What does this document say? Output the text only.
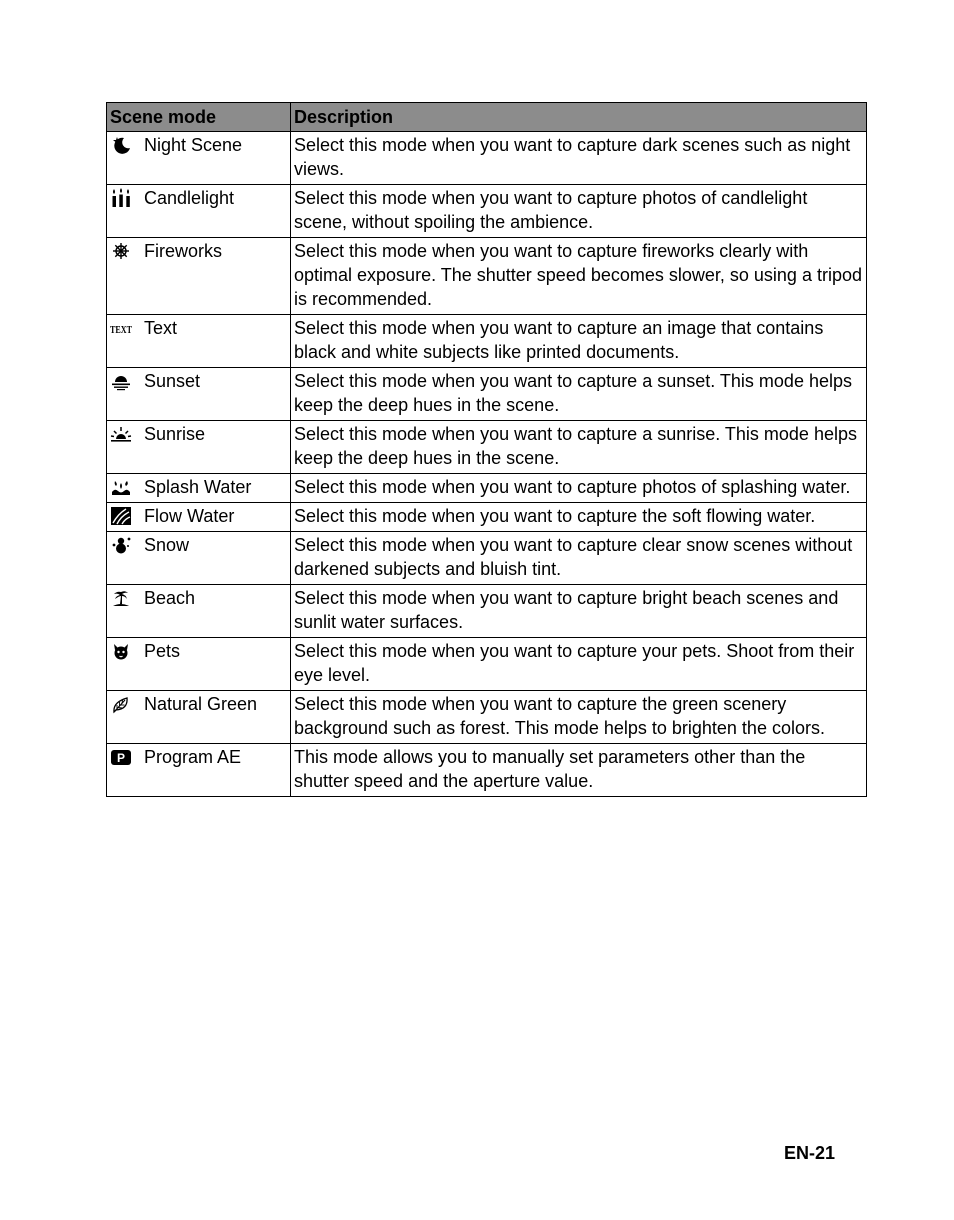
Scene mode	Description

Night Scene	Select this mode when you want to capture dark scenes such as night views.

Candlelight	Select this mode when you want to capture photos of candlelight scene, without spoiling the ambience.

Fireworks	Select this mode when you want to capture fireworks clearly with optimal exposure. The shutter speed becomes slower, so using a tripod is recommended.

TEXT Text	Select this mode when you want to capture an image that contains black and white subjects like printed documents.

Sunset	Select this mode when you want to capture a sunset. This mode helps keep the deep hues in the scene.

Sunrise	Select this mode when you want to capture a sunrise. This mode helps keep the deep hues in the scene.

Splash Water	Select this mode when you want to capture photos of splashing water.

Flow Water	Select this mode when you want to capture the soft flowing water.

Snow	Select this mode when you want to capture clear snow scenes without darkened subjects and bluish tint.

Beach	Select this mode when you want to capture bright beach scenes and sunlit water surfaces.

Pets	Select this mode when you want to capture your pets. Shoot from their eye level.

Natural Green	Select this mode when you want to capture the green scenery background such as forest. This mode helps to brighten the colors.

P Program AE	This mode allows you to manually set parameters other than the shutter speed and the aperture value.
EN-21
